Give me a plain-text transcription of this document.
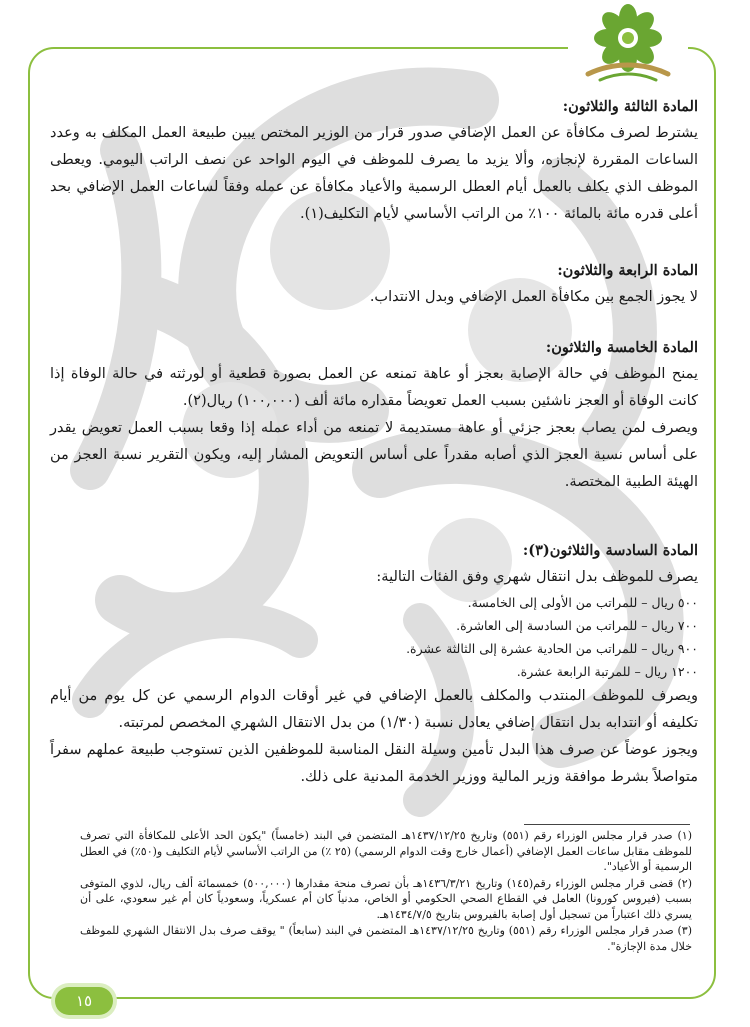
المادة الثالثة والثلاثون:

يشترط لصرف مكافأة عن العمل الإضافي صدور قرار من الوزير المختص يبين طبيعة العمل المكلف به وعدد الساعات المقررة لإنجازه، وألا يزيد ما يصرف للموظف في اليوم الواحد عن نصف الراتب اليومي. ويعطى الموظف الذي يكلف بالعمل أيام العطل الرسمية والأعياد مكافأة عن عمله وفقاً لساعات العمل الإضافي بحد أعلى قدره مائة بالمائة ١٠٠٪ من الراتب الأساسي لأيام التكليف(١).

المادة الرابعة والثلاثون:

لا يجوز الجمع بين مكافأة العمل الإضافي وبدل الانتداب.

المادة الخامسة والثلاثون:

يمنح الموظف في حالة الإصابة بعجز أو عاهة تمنعه عن العمل بصورة قطعية أو لورثته في حالة الوفاة إذا كانت الوفاة أو العجز ناشئين بسبب العمل تعويضاً مقداره مائة ألف (١٠٠,٠٠٠) ريال(٢).

ويصرف لمن يصاب بعجز جزئي أو عاهة مستديمة لا تمنعه من أداء عمله إذا وقعا بسبب العمل تعويض يقدر على أساس نسبة العجز الذي أصابه مقدراً على أساس التعويض المشار إليه، ويكون التقرير نسبة العجز من الهيئة الطبية المختصة.

المادة السادسة والثلاثون(٣):

يصرف للموظف بدل انتقال شهري وفق الفئات التالية:

٥٠٠ ريال – للمراتب من الأولى إلى الخامسة.
٧٠٠ ريال – للمراتب من السادسة إلى العاشرة.
٩٠٠ ريال – للمراتب من الحادية عشرة إلى الثالثة عشرة.
١٢٠٠ ريال – للمرتبة الرابعة عشرة.

ويصرف للموظف المنتدب والمكلف بالعمل الإضافي في غير أوقات الدوام الرسمي عن كل يوم من أيام تكليفه أو انتدابه بدل انتقال إضافي يعادل نسبة (١/٣٠) من بدل الانتقال الشهري المخصص لمرتبته.

ويجوز عوضاً عن صرف هذا البدل تأمين وسيلة النقل المناسبة للموظفين الذين تستوجب طبيعة عملهم سفراً متواصلاً بشرط موافقة وزير المالية ووزير الخدمة المدنية على ذلك.

(١) صدر قرار مجلس الوزراء رقم (٥٥١) وتاريخ ١٤٣٧/١٢/٢٥هـ المتضمن في البند (خامساً) "يكون الحد الأعلى للمكافأة التي تصرف للموظف مقابل ساعات العمل الإضافي (أعمال خارج وقت الدوام الرسمي) (٢٥ ٪) من الراتب الأساسي لأيام التكليف و(٥٠٪) في العطل الرسمية أو الأعياد".

(٢) قضى قرار مجلس الوزراء رقم(١٤٥) وتاريخ ١٤٣٦/٣/٢١هـ بأن تصرف منحة مقدارها (٥٠٠,٠٠٠) خمسمائة ألف ريال، لذوي المتوفى بسبب (فيروس كورونا) العامل في القطاع الصحي الحكومي أو الخاص، مدنياً كان أم عسكرياً، وسعودياً كان أم غير سعودي، على أن يسري ذلك اعتباراً من تسجيل أول إصابة بالفيروس بتاريخ ١٤٣٤/٧/٥هـ.

(٣) صدر قرار مجلس الوزراء رقم (٥٥١) وتاريخ ١٤٣٧/١٢/٢٥هـ المتضمن في البند (سابعاً) " يوقف صرف بدل الانتقال الشهري للموظف خلال مدة الإجازة".

١٥
